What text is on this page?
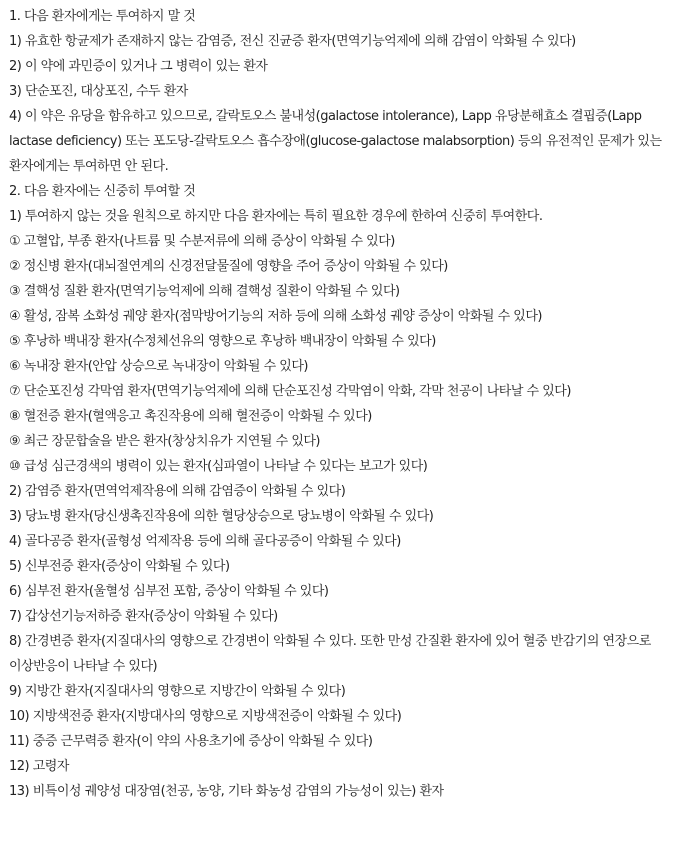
1. 다음 환자에게는 투여하지 말 것
1) 유효한 항균제가 존재하지 않는 감염증, 전신 진균증 환자(면역기능억제에 의해 감염이 악화될 수 있다)
2) 이 약에 과민증이 있거나 그 병력이 있는 환자
3) 단순포진, 대상포진, 수두 환자
4) 이 약은 유당을 함유하고 있으므로, 갈락토오스 불내성(galactose intolerance), Lapp 유당분해효소 결핍증(Lapp lactase deficiency) 또는 포도당-갈락토오스 흡수장애(glucose-galactose malabsorption) 등의 유전적인 문제가 있는 환자에게는 투여하면 안 된다.
2. 다음 환자에는 신중히 투여할 것
1) 투여하지 않는 것을 원칙으로 하지만 다음 환자에는 특히 필요한 경우에 한하여 신중히 투여한다.
① 고혈압, 부종 환자(나트륨 및 수분저류에 의해 증상이 악화될 수 있다)
② 정신병 환자(대뇌절연계의 신경전달물질에 영향을 주어 증상이 악화될 수 있다)
③ 결핵성 질환 환자(면역기능억제에 의해 결핵성 질환이 악화될 수 있다)
④ 활성, 잠복 소화성 궤양 환자(점막방어기능의 저하 등에 의해 소화성 궤양 증상이 악화될 수 있다)
⑤ 후낭하 백내장 환자(수정체선유의 영향으로 후낭하 백내장이 악화될 수 있다)
⑥ 녹내장 환자(안압 상승으로 녹내장이 악화될 수 있다)
⑦ 단순포진성 각막염 환자(면역기능억제에 의해 단순포진성 각막염이 악화, 각막 천공이 나타날 수 있다)
⑧ 혈전증 환자(혈액응고 촉진작용에 의해 혈전증이 악화될 수 있다)
⑨ 최근 장문합술을 받은 환자(창상치유가 지연될 수 있다)
⑩ 급성 심근경색의 병력이 있는 환자(심파열이 나타날 수 있다는 보고가 있다)
2) 감염증 환자(면역억제작용에 의해 감염증이 악화될 수 있다)
3) 당뇨병 환자(당신생촉진작용에 의한 혈당상승으로 당뇨병이 악화될 수 있다)
4) 골다공증 환자(골형성 억제작용 등에 의해 골다공증이 악화될 수 있다)
5) 신부전증 환자(증상이 악화될 수 있다)
6) 심부전 환자(울혈성 심부전 포함, 증상이 악화될 수 있다)
7) 갑상선기능저하증 환자(증상이 악화될 수 있다)
8) 간경변증 환자(지질대사의 영향으로 간경변이 악화될 수 있다. 또한 만성 간질환 환자에 있어 혈중 반감기의 연장으로 이상반응이 나타날 수 있다)
9) 지방간 환자(지질대사의 영향으로 지방간이 악화될 수 있다)
10) 지방색전증 환자(지방대사의 영향으로 지방색전증이 악화될 수 있다)
11) 중증 근무력증 환자(이 약의 사용초기에 증상이 악화될 수 있다)
12) 고령자
13) 비특이성 궤양성 대장염(천공, 농양, 기타 화농성 감염의 가능성이 있는) 환자
